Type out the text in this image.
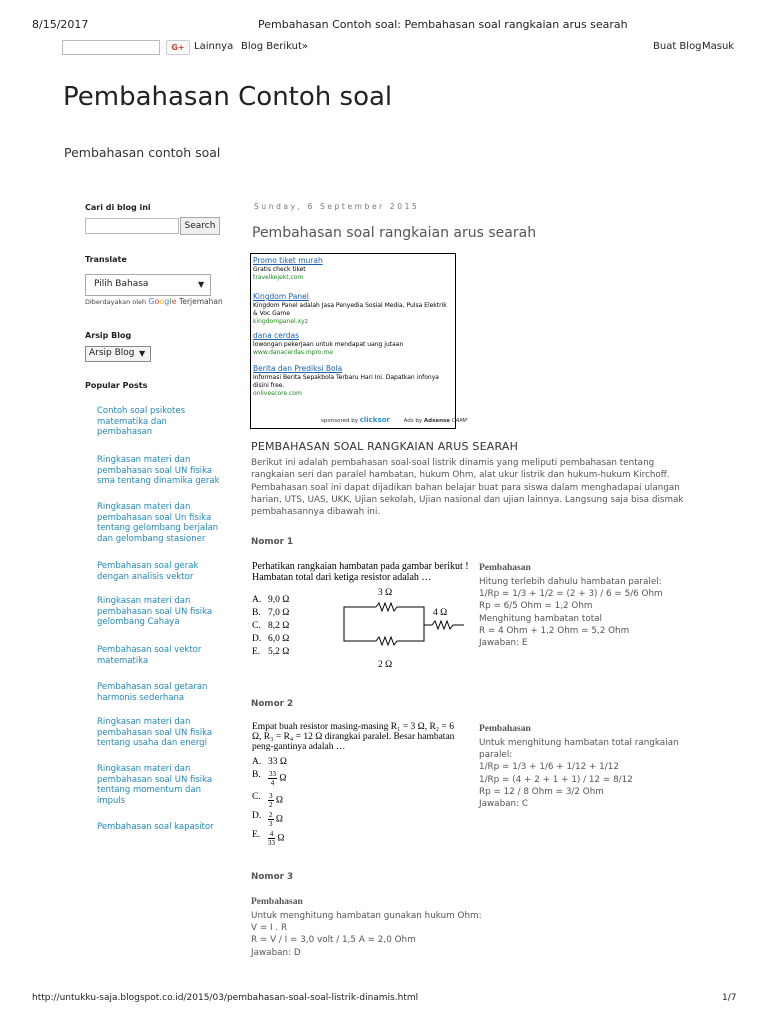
8/15/2017	Pembahasan Contoh soal: Pembahasan soal rangkaian arus searah
G+ Lainnya Blog Berikut»	Buat Blog Masuk
Pembahasan Contoh soal
Pembahasan contoh soal
Cari di blog ini
Search
Translate
Pilih Bahasa	▼
Diberdayakan oleh Google Terjemahan
Arsip Blog
Arsip Blog ▼
Popular Posts
Contoh soal psikotes matematika dan pembahasan
Ringkasan materi dan pembahasan soal UN fisika sma tentang dinamika gerak
Ringkasan materi dan pembahasan soal Un fisika tentang gelombang berjalan dan gelombang stasioner
Pembahasan soal gerak dengan analisis vektor
Ringkasan materi dan pembahasan soal UN fisika gelombang Cahaya
Pembahasan soal vektor matematika
Pembahasan soal getaran harmonis sederhana
Ringkasan materi dan pembahasan soal UN fisika tentang usaha dan energi
Ringkasan materi dan pembahasan soal UN fisika tentang momentum dan impuls
Pembahasan soal kapasitor
Sunday, 6 September 2015
Pembahasan soal rangkaian arus searah
Promo tiket murah
Gratis check tiket
travelkejekt.com
Kingdom Panel
Kingdom Panel adalah Jasa Penyedia Sosial Media, Pulsa Elektrik & Voc Game
kingdompanel.xyz
dana cerdas
lowongan pekerjaan untuk mendapat uang jutaan
www.danacerdas.mpro.me
Berita dan Prediksi Bola
Informasi Berita Sepakbola Terbaru Hari Ini. Dapatkan infonya disini free.
onlivescore.com
sponsored by clicksor	Ads by Adsense CAMP
PEMBAHASAN SOAL RANGKAIAN ARUS SEARAH
Berikut ini adalah pembahasan soal-soal listrik dinamis yang meliputi pembahasan tentang rangkaian seri dan paralel hambatan, hukum Ohm, alat ukur listrik dan hukum-hukum Kirchoff. Pembahasan soal ini dapat dijadikan bahan belajar buat para siswa dalam menghadapai ulangan harian, UTS, UAS, UKK, Ujian sekolah, Ujian nasional dan ujian lainnya. Langsung saja bisa dismak pembahasannya dibawah ini.
Nomor 1
Perhatikan rangkaian hambatan pada gambar berikut !
Hambatan total dari ketiga resistor adalah …
A. 9,0 Ω
B. 7,0 Ω
C. 8,2 Ω
D. 6,0 Ω
E. 5,2 Ω
3 Ω
4 Ω
2 Ω
Pembahasan
Hitung terlebih dahulu hambatan paralel:
1/Rp = 1/3 + 1/2 = (2 + 3) / 6 = 5/6 Ohm
Rp = 6/5 Ohm = 1,2 Ohm
Menghitung hambatan total
R = 4 Ohm + 1,2 Ohm = 5,2 Ohm
Jawaban: E
Nomor 2
Empat buah resistor masing-masing R₁ = 3 Ω, R₂ = 6
Ω, R₃ = R₄ = 12 Ω dirangkai paralel. Besar hambatan
peng-gantinya adalah …
A. 33 Ω
B. $\frac{33}{4}$ Ω
C. $\frac{3}{2}$ Ω
D. $\frac{2}{3}$ Ω
E. $\frac{4}{33}$ Ω
Pembahasan
Untuk menghitung hambatan total rangkaian
paralel:
1/Rp = 1/3 + 1/6 + 1/12 + 1/12
1/Rp = (4 + 2 + 1 + 1) / 12 = 8/12
Rp = 12 / 8 Ohm = 3/2 Ohm
Jawaban: C
Nomor 3
Pembahasan
Untuk menghitung hambatan gunakan hukum Ohm:
V = I . R
R = V / I = 3,0 volt / 1,5 A = 2,0 Ohm
Jawaban: D
http://untukku-saja.blogspot.co.id/2015/03/pembahasan-soal-soal-listrik-dinamis.html	1/7
